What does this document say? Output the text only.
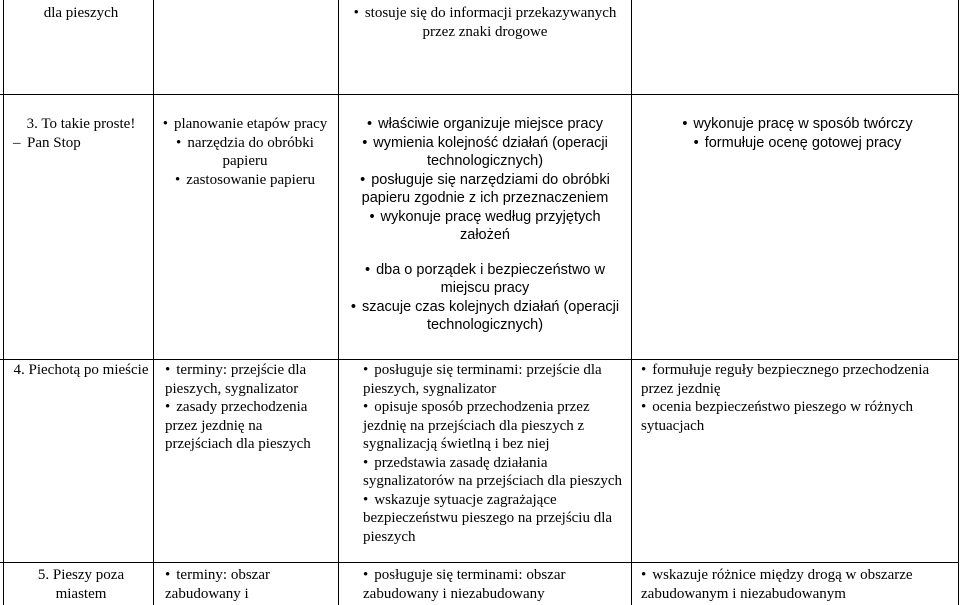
dla pieszych	• stosuje się do informacji przekazywanych przez znaki drogowe
3. To takie proste!
– Pan Stop
• planowanie etapów pracy
• narzędzia do obróbki papieru
• zastosowanie papieru
• właściwie organizuje miejsce pracy
• wymienia kolejność działań (operacji technologicznych)
• posługuje się narzędziami do obróbki papieru zgodnie z ich przeznaczeniem
• wykonuje pracę według przyjętych założeń
• dba o porządek i bezpieczeństwo w miejscu pracy
• szacuje czas kolejnych działań (operacji technologicznych)
• wykonuje pracę w sposób twórczy
• formułuje ocenę gotowej pracy
4. Piechotą po mieście • terminy: przejście dla pieszych, sygnalizator
• zasady przechodzenia przez jezdnię na przejściach dla pieszych
• posługuje się terminami: przejście dla pieszych, sygnalizator
• opisuje sposób przechodzenia przez jezdnię na przejściach dla pieszych z sygnalizacją świetlną i bez niej
• przedstawia zasadę działania sygnalizatorów na przejściach dla pieszych
• wskazuje sytuacje zagrażające bezpieczeństwu pieszego na przejściu dla pieszych
• formułuje reguły bezpiecznego przechodzenia przez jezdnię
• ocenia bezpieczeństwo pieszego w różnych sytuacjach
5. Pieszy poza miastem
• terminy: obszar zabudowany i
• posługuje się terminami: obszar zabudowany i niezabudowany
• wskazuje różnice między drogą w obszarze zabudowanym i niezabudowanym
